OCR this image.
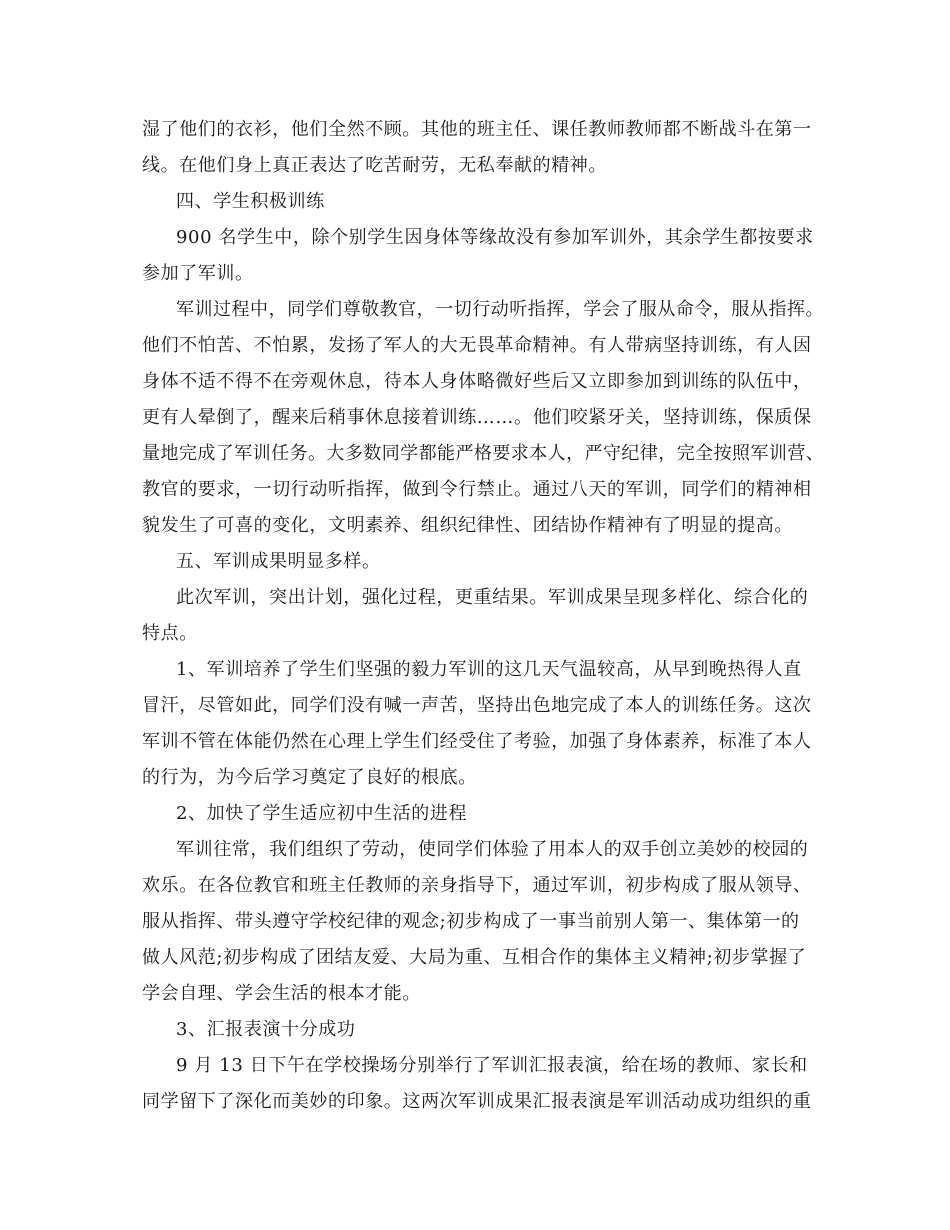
湿了他们的衣衫，他们全然不顾。其他的班主任、课任教师教师都不断战斗在第一
线。在他们身上真正表达了吃苦耐劳，无私奉献的精神。
四、学生积极训练
900 名学生中，除个别学生因身体等缘故没有参加军训外，其余学生都按要求
参加了军训。
军训过程中，同学们尊敬教官，一切行动听指挥，学会了服从命令，服从指挥。
他们不怕苦、不怕累，发扬了军人的大无畏革命精神。有人带病坚持训练，有人因
身体不适不得不在旁观休息，待本人身体略微好些后又立即参加到训练的队伍中，
更有人晕倒了，醒来后稍事休息接着训练……。他们咬紧牙关，坚持训练，保质保
量地完成了军训任务。大多数同学都能严格要求本人，严守纪律，完全按照军训营、
教官的要求，一切行动听指挥，做到令行禁止。通过八天的军训，同学们的精神相
貌发生了可喜的变化，文明素养、组织纪律性、团结协作精神有了明显的提高。
五、军训成果明显多样。
此次军训，突出计划，强化过程，更重结果。军训成果呈现多样化、综合化的
特点。
1、军训培养了学生们坚强的毅力军训的这几天气温较高，从早到晚热得人直
冒汗，尽管如此，同学们没有喊一声苦，坚持出色地完成了本人的训练任务。这次
军训不管在体能仍然在心理上学生们经受住了考验，加强了身体素养，标准了本人
的行为，为今后学习奠定了良好的根底。
2、加快了学生适应初中生活的进程
军训往常，我们组织了劳动，使同学们体验了用本人的双手创立美妙的校园的
欢乐。在各位教官和班主任教师的亲身指导下，通过军训，初步构成了服从领导、
服从指挥、带头遵守学校纪律的观念;初步构成了一事当前别人第一、集体第一的
做人风范;初步构成了团结友爱、大局为重、互相合作的集体主义精神;初步掌握了
学会自理、学会生活的根本才能。
3、汇报表演十分成功
9 月 13 日下午在学校操场分别举行了军训汇报表演，给在场的教师、家长和
同学留下了深化而美妙的印象。这两次军训成果汇报表演是军训活动成功组织的重
